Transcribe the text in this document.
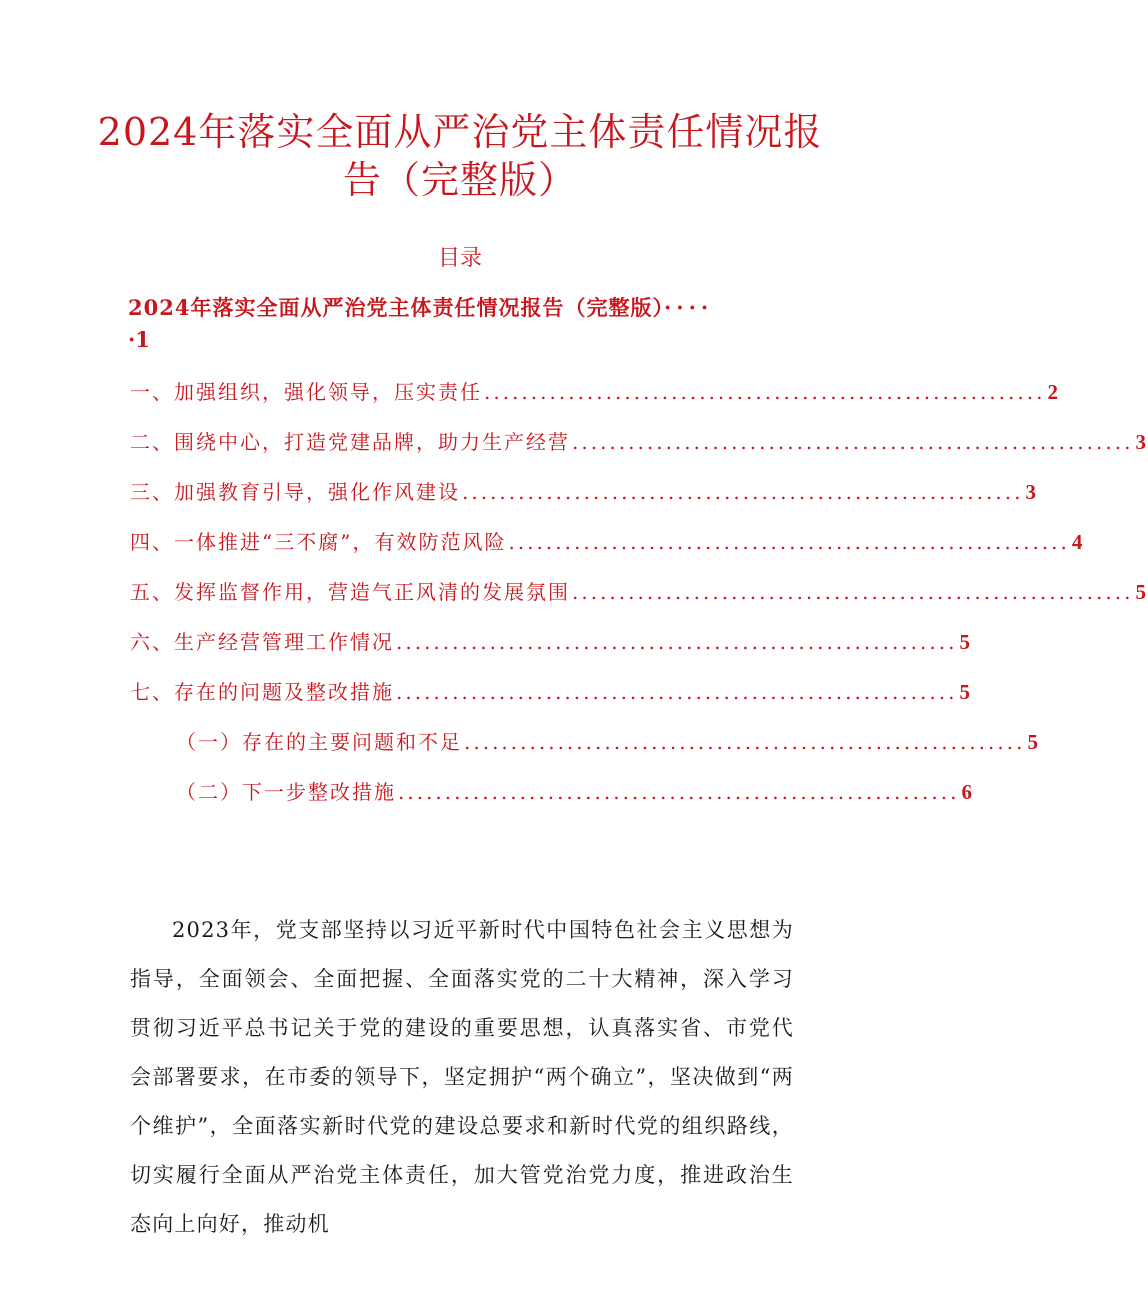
2024年落实全面从严治党主体责任情况报
告（完整版）
目录
2024年落实全面从严治党主体责任情况报告（完整版）····
·1
一、加强组织，强化领导，压实责任 ............................................................ 2
二、围绕中心，打造党建品牌，助力生产经营 ............................................................ 3
三、加强教育引导，强化作风建设 ............................................................ 3
四、一体推进“三不腐”，有效防范风险 ............................................................ 4
五、发挥监督作用，营造气正风清的发展氛围 ............................................................ 5
六、生产经营管理工作情况 ............................................................ 5
七、存在的问题及整改措施 ............................................................ 5
（一）存在的主要问题和不足 ............................................................ 5
（二）下一步整改措施 ............................................................ 6

2023年，党支部坚持以习近平新时代中国特色社会主义思想为指导，全面领会、全面把握、全面落实党的二十大精神，深入学习贯彻习近平总书记关于党的建设的重要思想，认真落实省、市党代会部署要求，在市委的领导下，坚定拥护“两个确立”，坚决做到“两个维护”，全面落实新时代党的建设总要求和新时代党的组织路线，切实履行全面从严治党主体责任，加大管党治党力度，推进政治生态向上向好，推动机
